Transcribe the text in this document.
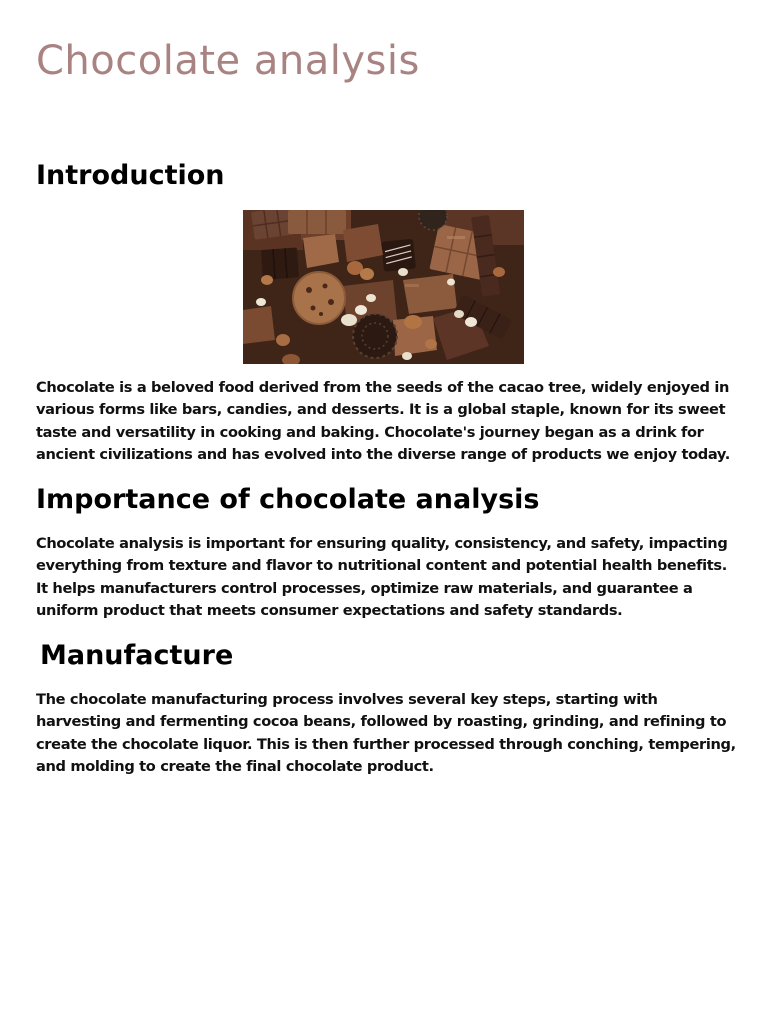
Chocolate analysis
Introduction

Chocolate is a beloved food derived from the seeds of the cacao tree, widely enjoyed in various forms like bars, candies, and desserts. It is a global staple, known for its sweet taste and versatility in cooking and baking. Chocolate's journey began as a drink for ancient civilizations and has evolved into the diverse range of products we enjoy today.

Importance of chocolate analysis

Chocolate analysis is important for ensuring quality, consistency, and safety, impacting everything from texture and flavor to nutritional content and potential health benefits. It helps manufacturers control processes, optimize raw materials, and guarantee a uniform product that meets consumer expectations and safety standards.

Manufacture

The chocolate manufacturing process involves several key steps, starting with harvesting and fermenting cocoa beans, followed by roasting, grinding, and refining to create the chocolate liquor. This is then further processed through conching, tempering, and molding to create the final chocolate product.
